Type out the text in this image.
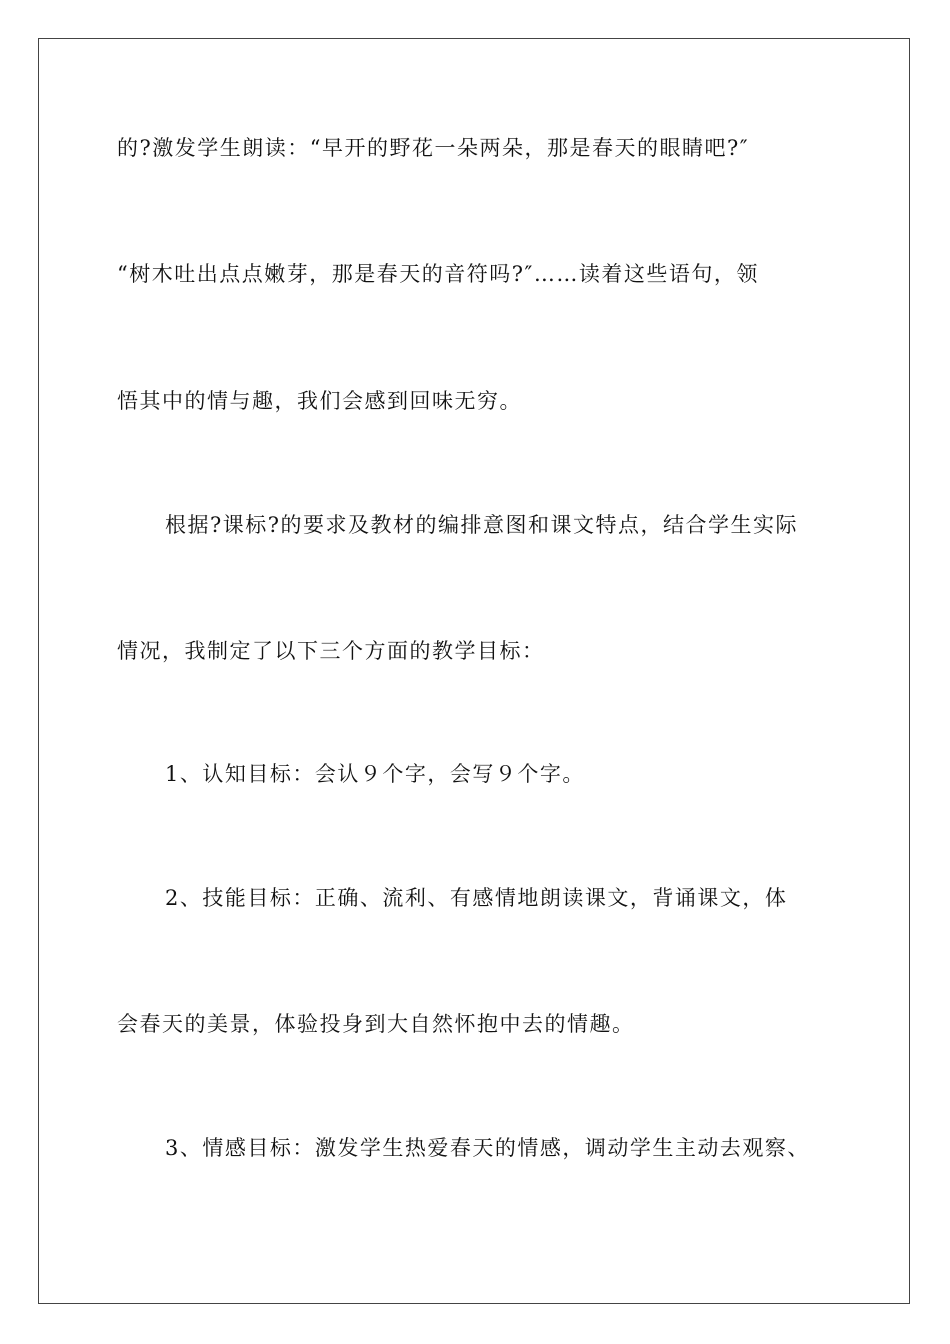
的?激发学生朗读：“早开的野花一朵两朵，那是春天的眼睛吧?″
“树木吐出点点嫩芽，那是春天的音符吗?″……读着这些语句，领
悟其中的情与趣，我们会感到回味无穷。
根据?课标?的要求及教材的编排意图和课文特点，结合学生实际
情况，我制定了以下三个方面的教学目标：
1、认知目标：会认９个字，会写９个字。
2、技能目标：正确、流利、有感情地朗读课文，背诵课文，体
会春天的美景，体验投身到大自然怀抱中去的情趣。
3、情感目标：激发学生热爱春天的情感，调动学生主动去观察、
